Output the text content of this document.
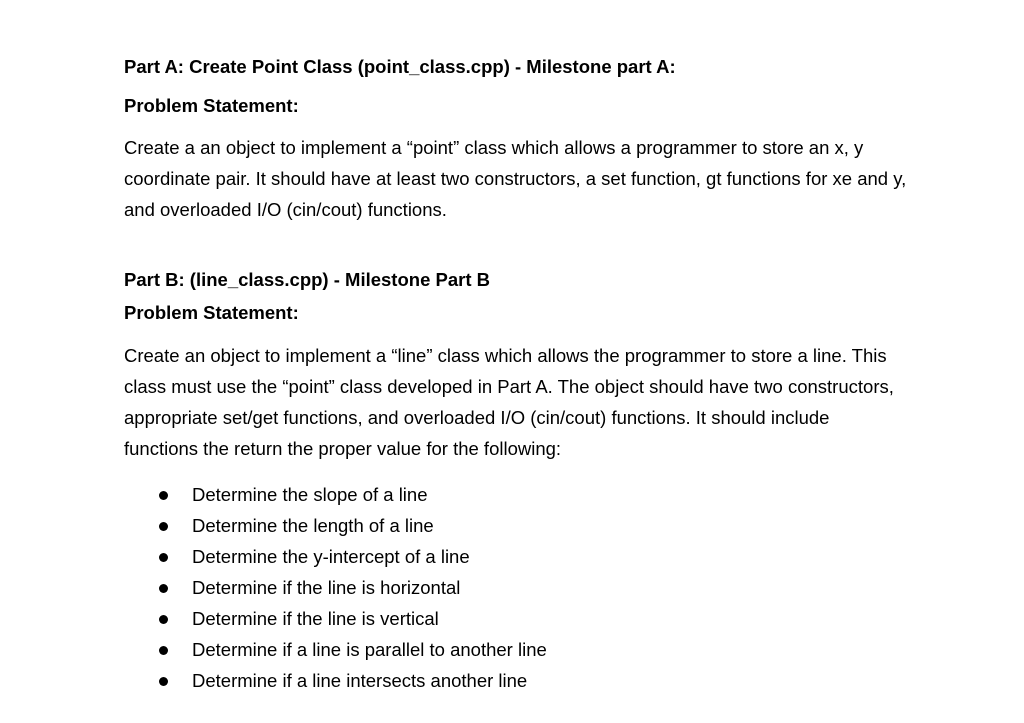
Part A: Create Point Class (point_class.cpp) - Milestone part A:
Problem Statement:
Create a an object to implement a “point” class which allows a programmer to store an x, y
coordinate pair. It should have at least two constructors, a set function, gt functions for xe and y,
and overloaded I/O (cin/cout) functions.
Part B: (line_class.cpp) - Milestone Part B
Problem Statement:
Create an object to implement a “line” class which allows the programmer to store a line. This
class must use the “point” class developed in Part A. The object should have two constructors,
appropriate set/get functions, and overloaded I/O (cin/cout) functions. It should include
functions the return the proper value for the following:
Determine the slope of a line
Determine the length of a line
Determine the y-intercept of a line
Determine if the line is horizontal
Determine if the line is vertical
Determine if a line is parallel to another line
Determine if a line intersects another line
